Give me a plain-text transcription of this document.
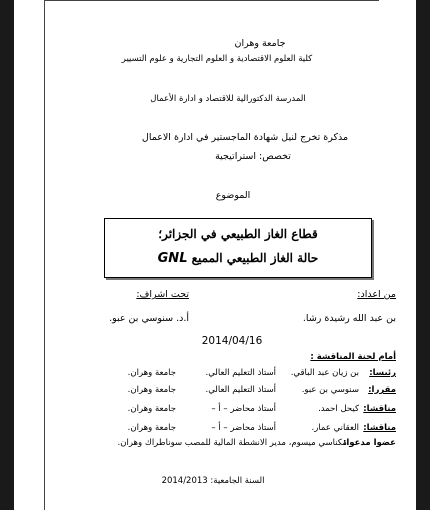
جامعة وهران
كلية العلوم الاقتصادية و العلوم التجارية و علوم التسيير
المدرسة الدكتورالية للاقتصاد و ادارة الأعمال
مذكرة تخرج لنيل شهادة الماجستير في ادارة الاعمال
تخصص: استراتيجية
الموضوع
قطاع الغاز الطبيعي في الجزائر؛
حالة الغاز الطبيعي المميع GNL
من اعداد:
بن عبد الله رشيدة رشا.
تحت اشراف:
أ.د. سنوسي بن عبو.
2014/04/16
أمام لجنة المناقشة :
رئيسا:
بن زيان عبد الباقي.
أستاذ التعليم العالي.
جامعة وهران.
مقررا:
سنوسي بن عبو.
أستاذ التعليم العالي.
جامعة وهران.
مناقشا:
كيحل احمد.
أستاذ محاضر – أ –
جامعة وهران.
مناقشا:
العقاني عمار.
أستاذ محاضر – أ –
جامعة وهران.
عضوا مدعوا:
مكناسي ميسوم، مدير الانشطة المالية للمصب سوناطراك وهران.
السنة الجامعية: 2014/2013
